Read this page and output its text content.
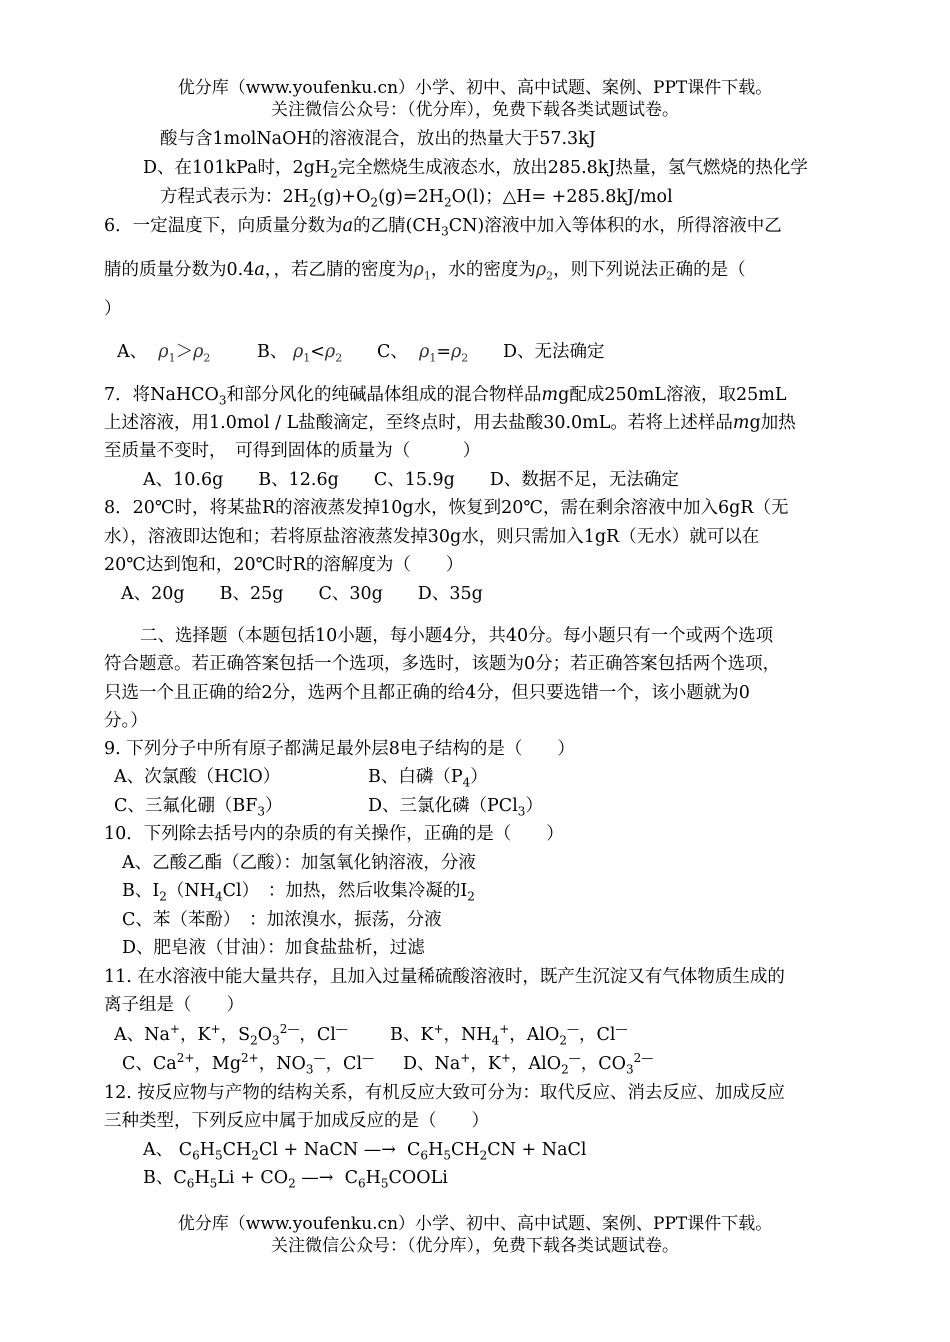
优分库（www.youfenku.cn）小学、初中、高中试题、案例、PPT课件下载。
关注微信公众号：（优分库），免费下载各类试题试卷。
酸与含1molNaOH的溶液混合，放出的热量大于57.3kJ
D、在101kPa时，$2gH_2$完全燃烧生成液态水，放出285.8kJ热量，氢气燃烧的热化学
方程式表示为：$2H_2(g)+O_2(g)=2H_2O(l)$；△H= +285.8kJ/mol
6．一定温度下，向质量分数为a的乙腈$(CH_3CN)$溶液中加入等体积的水，所得溶液中乙
腈的质量分数为0.4a，，若乙腈的密度为$\rho_1$，水的密度为$\rho_2$，则下列说法正确的是（
）
A、 $\rho_1>\rho_2$	B、 $\rho_1<\rho_2$ C、 $\rho_1=\rho_2$ D、无法确定
7．将NaHCO$_3$和部分风化的纯碱晶体组成的混合物样品mg配成250mL溶液，取25mL
上述溶液，用1.0mol / L盐酸滴定，至终点时，用去盐酸30.0mL。若将上述样品mg加热
至质量不变时，　可得到固体的质量为（　　　）
A、10.6g　　B、12.6g　　C、15.9g　　D、数据不足，无法确定
8．20℃时，将某盐R的溶液蒸发掉10g水，恢复到20℃，需在剩余溶液中加入6gR（无
水），溶液即达饱和；若将原盐溶液蒸发掉30g水，则只需加入1gR（无水）就可以在
20℃达到饱和，20℃时R的溶解度为（　　）
A、20g　　B、25g　　C、30g　　D、35g
二、选择题（本题包括10小题，每小题4分，共40分。每小题只有一个或两个选项
符合题意。若正确答案包括一个选项，多选时，该题为0分；若正确答案包括两个选项，
只选一个且正确的给2分，选两个且都正确的给4分，但只要选错一个，该小题就为0
分。）
9. 下列分子中所有原子都满足最外层8电子结构的是（　　）
A、次氯酸（HClO）	B、白磷$(P_4)$
C、三氟化硼$(BF_3)$	D、三氯化磷（PCl$_3$）
10．下列除去括号内的杂质的有关操作，正确的是（　　）
A、乙酸乙酯（乙酸）：加氢氧化钠溶液，分液
B、$I_2(NH_4Cl)$　：加热，然后收集冷凝的$I_2$
C、苯（苯酚）　：加浓溴水，振荡，分液
D、肥皂液（甘油）：加食盐盐析，过滤
11. 在水溶液中能大量共存，且加入过量稀硫酸溶液时，既产生沉淀又有气体物质生成的
离子组是（　　）
A、Na+，K+，$S_2O_3^{2—}$，Cl— B、K+，$NH_4^+$，AlO$_2$—，Cl—
C、$Ca^{2+}$，$Mg^{2+}$，$NO_3^—$，Cl— D、Na+，K+，AlO$_2$—，$CO_3^{2—}$
12. 按反应物与产物的结构关系，有机反应大致可分为：取代反应、消去反应、加成反应
三种类型，下列反应中属于加成反应的是（　　）
A、 $C_6H_5CH_2Cl$ + NaCN —→  $C_6H_5CH_2CN$ + NaCl
B、$C_6H_5Li + CO_2$ —→  $C_6H_5COOLi$
优分库（www.youfenku.cn）小学、初中、高中试题、案例、PPT课件下载。
关注微信公众号：（优分库），免费下载各类试题试卷。
